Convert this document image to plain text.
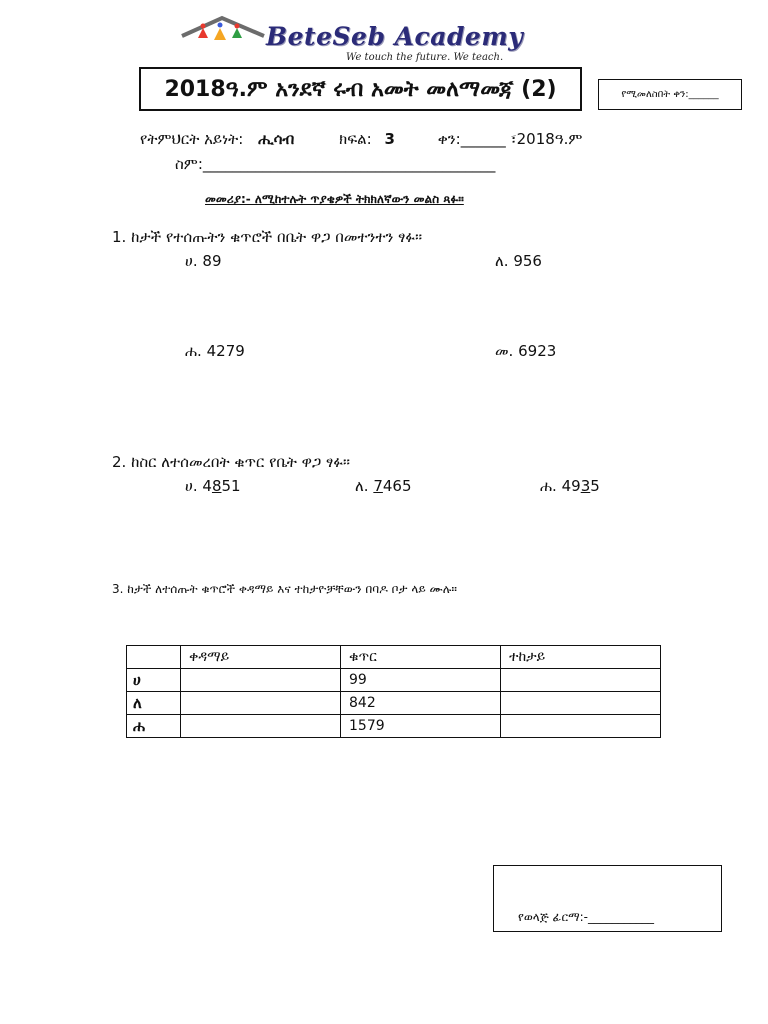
BeteSeb Academy
We touch the future. We teach.
2018ዓ.ም አንደኛ ሩብ አመት መለማመጃ (2)	የሚመለስበት ቀን:______
የትምህርት አይነት: ሒሳብ	ክፍል: 3	ቀን:______ ፣2018ዓ.ም
ስም:_______________________________________
መመሪያ:- ለሚከተሉት ጥያቄዎች ትክክለኛውን መልስ ጻፉ።
1. ከታች የተሰጡትን ቁጥሮች በቤት ዋጋ በመተንተን ፃፉ።
ሀ. 89	ለ. 956
ሐ. 4279	መ. 6923
2. ከስር ለተሰመረበት ቁጥር የቤት ዋጋ ፃፉ።
ሀ. 4851	ለ. 7465	ሐ. 4935
3. ከታች ለተሰጡት ቁጥሮች ቀዳማይ እና ተከታዮቻቸውን በባዶ ቦታ ላይ ሙሉ።
	ቀዳማይ	ቁጥር	ተከታይ
ሀ		99	
ለ		842	
ሐ		1579	
የወላጅ ፊርማ:-___________
